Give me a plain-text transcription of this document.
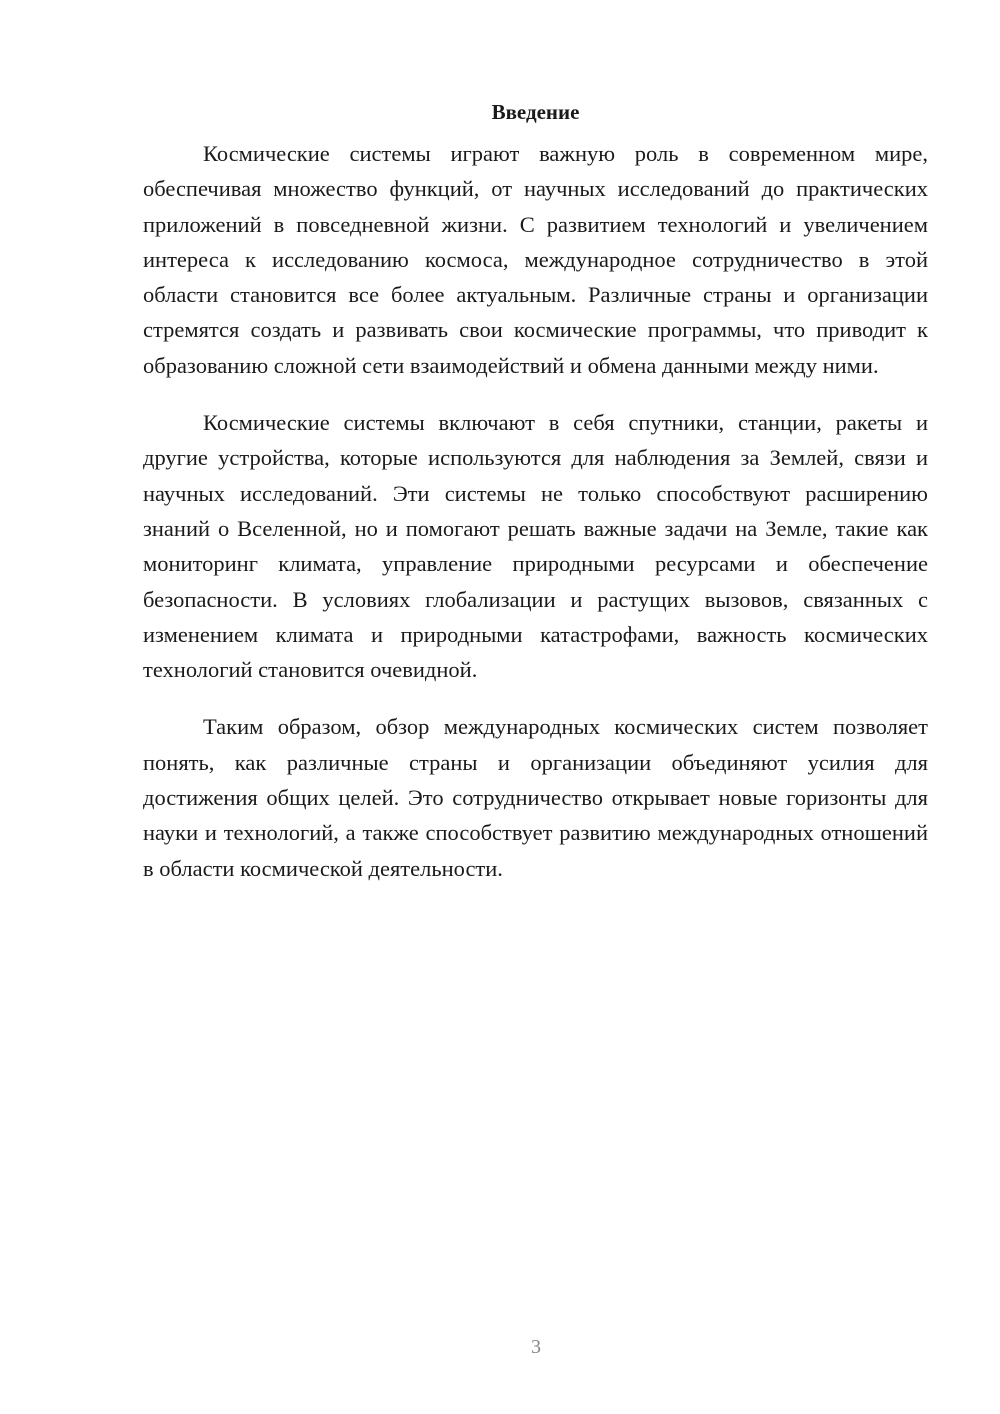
Введение

Космические системы играют важную роль в современном мире, обеспечивая множество функций, от научных исследований до практических приложений в повседневной жизни. С развитием технологий и увеличением интереса к исследованию космоса, международное сотрудничество в этой области становится все более актуальным. Различные страны и организации стремятся создать и развивать свои космические программы, что приводит к образованию сложной сети взаимодействий и обмена данными между ними.

Космические системы включают в себя спутники, станции, ракеты и другие устройства, которые используются для наблюдения за Землей, связи и научных исследований. Эти системы не только способствуют расширению знаний о Вселенной, но и помогают решать важные задачи на Земле, такие как мониторинг климата, управление природными ресурсами и обеспечение безопасности. В условиях глобализации и растущих вызовов, связанных с изменением климата и природными катастрофами, важность космических технологий становится очевидной.

Таким образом, обзор международных космических систем позволяет понять, как различные страны и организации объединяют усилия для достижения общих целей. Это сотрудничество открывает новые горизонты для науки и технологий, а также способствует развитию международных отношений в области космической деятельности.

3
